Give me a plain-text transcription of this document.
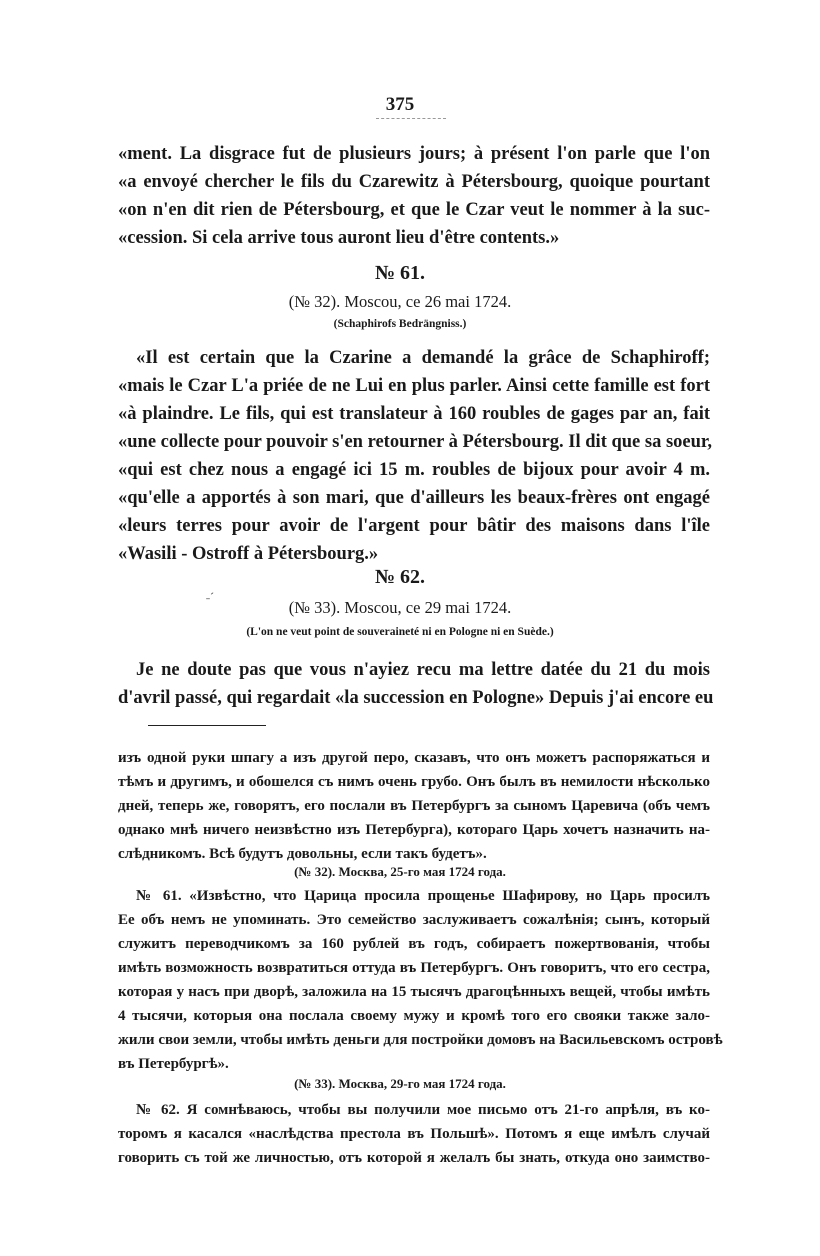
375
«ment. La disgrace fut de plusieurs jours; à présent l'on parle que l'on
«a envoyé chercher le fils du Czarewitz à Pétersbourg, quoique pourtant
«on n'en dit rien de Pétersbourg, et que le Czar veut le nommer à la suc-
«cession. Si cela arrive tous auront lieu d'être contents.»
№ 61.
(№ 32). Moscou, ce 26 mai 1724.
(Schaphirofs Bedrängniss.)
«Il est certain que la Czarine a demandé la grâce de Schaphiroff;
«mais le Czar L'a priée de ne Lui en plus parler. Ainsi cette famille est fort
«à plaindre. Le fils, qui est translateur à 160 roubles de gages par an, fait
«une collecte pour pouvoir s'en retourner à Pétersbourg. Il dit que sa soeur,
«qui est chez nous a engagé ici 15 m. roubles de bijoux pour avoir 4 m.
«qu'elle a apportés à son mari, que d'ailleurs les beaux-frères ont engagé
«leurs terres pour avoir de l'argent pour bâtir des maisons dans l'île
«Wasili - Ostroff à Pétersbourg.»
˗´
№ 62.
(№ 33). Moscou, ce 29 mai 1724.
(L'on ne veut point de souveraineté ni en Pologne ni en Suède.)
Je ne doute pas que vous n'ayiez recu ma lettre datée du 21 du mois
d'avril passé, qui regardait «la succession en Pologne» Depuis j'ai encore eu
изъ одной руки шпагу а изъ другой перо, сказавъ, что онъ можетъ распоряжаться и
тѣмъ и другимъ, и обошелся съ нимъ очень грубо. Онъ былъ въ немилости нѣсколько
дней, теперь же, говорятъ, его послали въ Петербургъ за сыномъ Царевича (объ чемъ
однако мнѣ ничего неизвѣстно изъ Петербурга), котораго Царь хочетъ назначить на-
слѣдникомъ. Всѣ будутъ довольны, если такъ будетъ».
(№ 32). Москва, 25-го мая 1724 года.
№ 61. «Извѣстно, что Царица просила прощенье Шафирову, но Царь просилъ
Ее объ немъ не упоминать. Это семейство заслуживаетъ сожалѣнія; сынъ, который
служитъ переводчикомъ за 160 рублей въ годъ, собираетъ пожертвованія, чтобы
имѣть возможность возвратиться оттуда въ Петербургъ. Онъ говоритъ, что его сестра,
которая у насъ при дворѣ, заложила на 15 тысячъ драгоцѣнныхъ вещей, чтобы имѣть
4 тысячи, которыя она послала своему мужу и кромѣ того его свояки также зало-
жили свои земли, чтобы имѣть деньги для постройки домовъ на Васильевскомъ островѣ
въ Петербургѣ».
(№ 33). Москва, 29-го мая 1724 года.
№ 62. Я сомнѣваюсь, чтобы вы получили мое письмо отъ 21-го апрѣля, въ ко-
торомъ я касался «наслѣдства престола въ Польшѣ». Потомъ я еще имѣлъ случай
говорить съ той же личностью, отъ которой я желалъ бы знать, откуда оно заимство-
